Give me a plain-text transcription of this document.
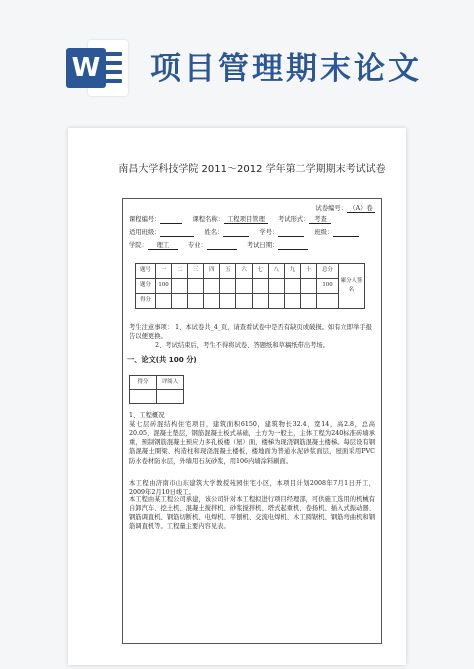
W 项目管理期末论文
南昌大学科技学院 2011～2012 学年第二学期期末考试试卷
试卷编号： （A）卷
课程编号：	课程名称： 工程项目管理 考试形式： 考查
适用班级：	姓名：	学号：	班级：
学院： 理工	专业：	考试日期：
题号	一	二	三	四	五	六	七	八	九	十	总分	累分人签名
题分	100										100	
得分												
考生注意事项： 1、本试卷共_4_页，请查看试卷中是否有缺页或破损。如有立即举手报告以便更换。
2、考试结束后，考生不得将试卷、答题纸和草稿纸带出考场。
一、论文(共 100 分)
得分	评阅人

1、工程概况
某七层砖混结构住宅项目，建筑面积6150，建筑物长32.4，宽14，高2.8，总高20.05，混凝土垫层，钢筋混凝土板式基础，土方为一般土，主体工程为240标准砖墙承重，预制钢筋混凝土预应力多孔板楼（屋）面，楼梯为现浇钢筋混凝土楼梯。每层设有钢筋混凝土圈梁、构造柱和现浇混凝土楼板，楼地面为普通水泥砂浆面层，屋面采用PVC防水卷材防水层，外墙用石灰砂浆，用106内墙涂料刷面。
本工程由济南市山东建筑大学教授苑园住宅小区，本项目计划2008年7月1日开工，2009年2月10日竣工。
本工程由某工程公司承建，该公司针对本工程拟进行项目经理部，可供施工选用的机械有自卸汽车、挖土机、混凝土搅拌机、砂浆搅拌机、塔式起重机、卷扬机、插入式振动器、钢筋调直机、钢筋切断机、电焊机、平刨机、交流电焊机、木工圆锯机、钢筋弯曲机和钢筋调直机等。工程量主要内容见表。
